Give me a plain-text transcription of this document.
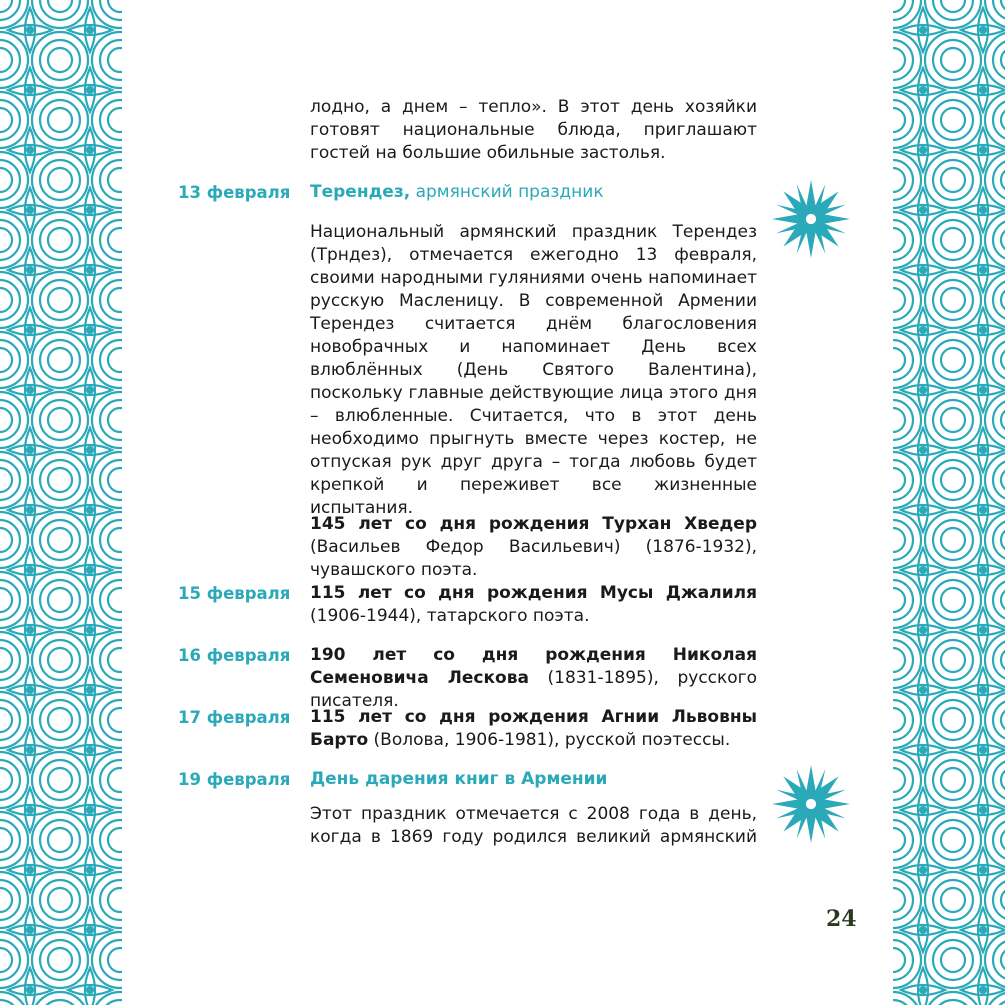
лодно, а днем – тепло». В этот день хозяйки готовят национальные блюда, приглашают гостей на большие обильные застолья.

13 февраля Терендез, армянский праздник

Национальный армянский праздник Терендез (Трндез), отмечается ежегодно 13 февраля, своими народными гуляниями очень напоминает русскую Масленицу. В современной Армении Терендез считается днём благословения новобрачных и напоминает День всех влюблённых (День Святого Валентина), поскольку главные действующие лица этого дня – влюбленные. Считается, что в этот день необходимо прыгнуть вместе через костер, не отпуская рук друг друга – тогда любовь будет крепкой и переживет все жизненные испытания.

145 лет со дня рождения Турхан Хведер (Васильев Федор Васильевич) (1876-1932), чувашского поэта.

15 февраля 115 лет со дня рождения Мусы Джалиля (1906-1944), татарского поэта.

16 февраля 190 лет со дня рождения Николая Семеновича Лескова (1831-1895), русского писателя.

17 февраля 115 лет со дня рождения Агнии Львовны Барто (Волова, 1906-1981), русской поэтессы.

19 февраля День дарения книг в Армении

Этот праздник отмечается с 2008 года в день, когда в 1869 году родился великий армянский

24
